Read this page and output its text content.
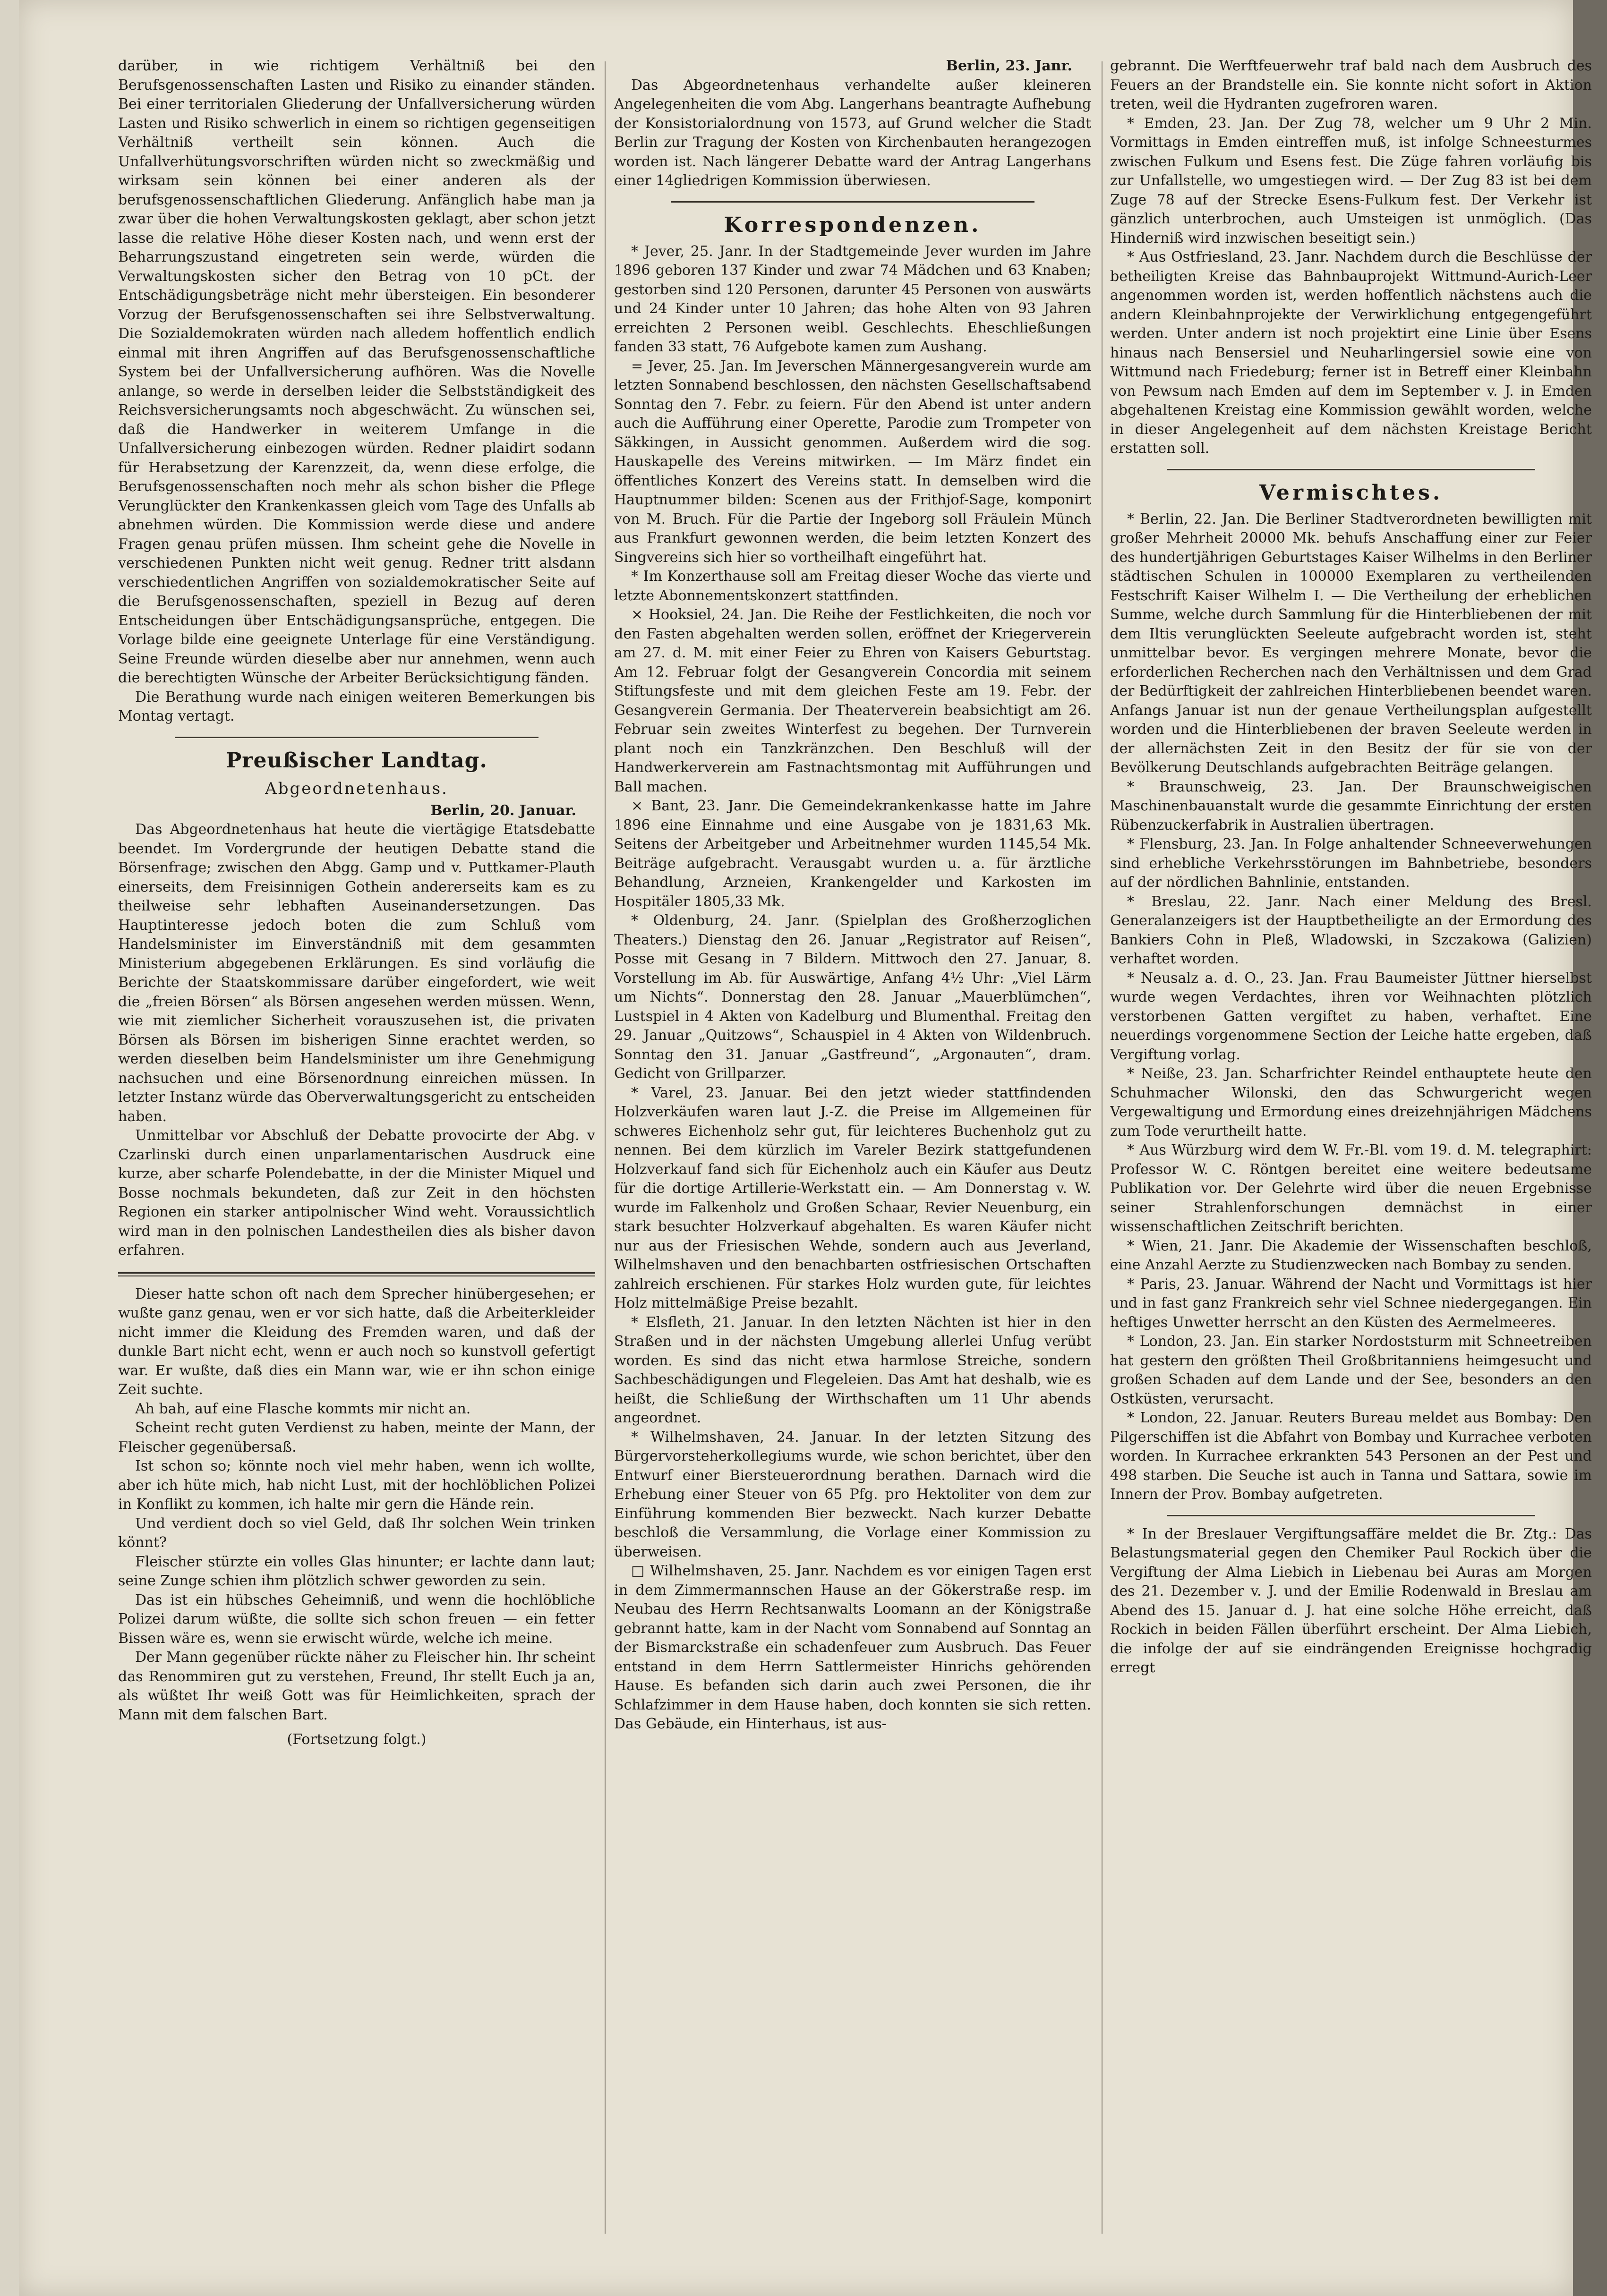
darüber, in wie richtigem Verhältniß bei den Berufsgenossenschaften Lasten und Risiko zu einander ständen. Bei einer territorialen Gliederung der Unfallversicherung würden Lasten und Risiko schwerlich in einem so richtigen gegenseitigen Verhältniß vertheilt sein können. Auch die Unfallverhütungsvorschriften würden nicht so zweckmäßig und wirksam sein können bei einer anderen als der berufsgenossenschaftlichen Gliederung. Anfänglich habe man ja zwar über die hohen Verwaltungskosten geklagt, aber schon jetzt lasse die relative Höhe dieser Kosten nach, und wenn erst der Beharrungszustand eingetreten sein werde, würden die Verwaltungskosten sicher den Betrag von 10 pCt. der Entschädigungsbeträge nicht mehr übersteigen. Ein besonderer Vorzug der Berufsgenossenschaften sei ihre Selbstverwaltung. Die Sozialdemokraten würden nach alledem hoffentlich endlich einmal mit ihren Angriffen auf das Berufsgenossenschaftliche System bei der Unfallversicherung aufhören. Was die Novelle anlange, so werde in derselben leider die Selbstständigkeit des Reichsversicherungsamts noch abgeschwächt. Zu wünschen sei, daß die Handwerker in weiterem Umfange in die Unfallversicherung einbezogen würden. Redner plaidirt sodann für Herabsetzung der Karenzzeit, da, wenn diese erfolge, die Berufsgenossenschaften noch mehr als schon bisher die Pflege Verunglückter den Krankenkassen gleich vom Tage des Unfalls ab abnehmen würden. Die Kommission werde diese und andere Fragen genau prüfen müssen. Ihm scheint gehe die Novelle in verschiedenen Punkten nicht weit genug. Redner tritt alsdann verschiedentlichen Angriffen von sozialdemokratischer Seite auf die Berufsgenossenschaften, speziell in Bezug auf deren Entscheidungen über Entschädigungsansprüche, entgegen. Die Vorlage bilde eine geeignete Unterlage für eine Verständigung. Seine Freunde würden dieselbe aber nur annehmen, wenn auch die berechtigten Wünsche der Arbeiter Berücksichtigung fänden.

Die Berathung wurde nach einigen weiteren Bemerkungen bis Montag vertagt.

Preußischer Landtag.
Abgeordnetenhaus.
Berlin, 20. Januar.

Das Abgeordnetenhaus hat heute die viertägige Etatsdebatte beendet. Im Vordergrunde der heutigen Debatte stand die Börsenfrage; zwischen den Abgg. Gamp und v. Puttkamer-Plauth einerseits, dem Freisinnigen Gothein andererseits kam es zu theilweise sehr lebhaften Auseinandersetzungen. Das Hauptinteresse jedoch boten die zum Schluß vom Handelsminister im Einverständniß mit dem gesammten Ministerium abgegebenen Erklärungen. Es sind vorläufig die Berichte der Staatskommissare darüber eingefordert, wie weit die „freien Börsen“ als Börsen angesehen werden müssen. Wenn, wie mit ziemlicher Sicherheit vorauszusehen ist, die privaten Börsen als Börsen im bisherigen Sinne erachtet werden, so werden dieselben beim Handelsminister um ihre Genehmigung nachsuchen und eine Börsenordnung einreichen müssen. In letzter Instanz würde das Oberverwaltungsgericht zu entscheiden haben.

Unmittelbar vor Abschluß der Debatte provocirte der Abg. v Czarlinski durch einen unparlamentarischen Ausdruck eine kurze, aber scharfe Polendebatte, in der die Minister Miquel und Bosse nochmals bekundeten, daß zur Zeit in den höchsten Regionen ein starker antipolnischer Wind weht. Voraussichtlich wird man in den polnischen Landestheilen dies als bisher davon erfahren.

Dieser hatte schon oft nach dem Sprecher hinübergesehen; er wußte ganz genau, wen er vor sich hatte, daß die Arbeiterkleider nicht immer die Kleidung des Fremden waren, und daß der dunkle Bart nicht echt, wenn er auch noch so kunstvoll gefertigt war. Er wußte, daß dies ein Mann war, wie er ihn schon einige Zeit suchte.

Ah bah, auf eine Flasche kommts mir nicht an.

Scheint recht guten Verdienst zu haben, meinte der Mann, der Fleischer gegenübersaß.

Ist schon so; könnte noch viel mehr haben, wenn ich wollte, aber ich hüte mich, hab nicht Lust, mit der hochlöblichen Polizei in Konflikt zu kommen, ich halte mir gern die Hände rein.

Und verdient doch so viel Geld, daß Ihr solchen Wein trinken könnt?

Fleischer stürzte ein volles Glas hinunter; er lachte dann laut; seine Zunge schien ihm plötzlich schwer geworden zu sein.

Das ist ein hübsches Geheimniß, und wenn die hochlöbliche Polizei darum wüßte, die sollte sich schon freuen — ein fetter Bissen wäre es, wenn sie erwischt würde, welche ich meine.

Der Mann gegenüber rückte näher zu Fleischer hin. Ihr scheint das Renommiren gut zu verstehen, Freund, Ihr stellt Euch ja an, als wüßtet Ihr weiß Gott was für Heimlichkeiten, sprach der Mann mit dem falschen Bart.

(Fortsetzung folgt.)
Berlin, 23. Janr.

Das Abgeordnetenhaus verhandelte außer kleineren Angelegenheiten die vom Abg. Langerhans beantragte Aufhebung der Konsistorialordnung von 1573, auf Grund welcher die Stadt Berlin zur Tragung der Kosten von Kirchenbauten herangezogen worden ist. Nach längerer Debatte ward der Antrag Langerhans einer 14gliedrigen Kommission überwiesen.

Korrespondenzen.

* Jever, 25. Janr. In der Stadtgemeinde Jever wurden im Jahre 1896 geboren 137 Kinder und zwar 74 Mädchen und 63 Knaben; gestorben sind 120 Personen, darunter 45 Personen von auswärts und 24 Kinder unter 10 Jahren; das hohe Alten von 93 Jahren erreichten 2 Personen weibl. Geschlechts. Eheschließungen fanden 33 statt, 76 Aufgebote kamen zum Aushang.

= Jever, 25. Jan. Im Jeverschen Männergesangverein wurde am letzten Sonnabend beschlossen, den nächsten Gesellschaftsabend Sonntag den 7. Febr. zu feiern. Für den Abend ist unter andern auch die Aufführung einer Operette, Parodie zum Trompeter von Säkkingen, in Aussicht genommen. Außerdem wird die sog. Hauskapelle des Vereins mitwirken. — Im März findet ein öffentliches Konzert des Vereins statt. In demselben wird die Hauptnummer bilden: Scenen aus der Frithjof-Sage, komponirt von M. Bruch. Für die Partie der Ingeborg soll Fräulein Münch aus Frankfurt gewonnen werden, die beim letzten Konzert des Singvereins sich hier so vortheilhaft eingeführt hat.

* Im Konzerthause soll am Freitag dieser Woche das vierte und letzte Abonnementskonzert stattfinden.

× Hooksiel, 24. Jan. Die Reihe der Festlichkeiten, die noch vor den Fasten abgehalten werden sollen, eröffnet der Kriegerverein am 27. d. M. mit einer Feier zu Ehren von Kaisers Geburtstag. Am 12. Februar folgt der Gesangverein Concordia mit seinem Stiftungsfeste und mit dem gleichen Feste am 19. Febr. der Gesangverein Germania. Der Theaterverein beabsichtigt am 26. Februar sein zweites Winterfest zu begehen. Der Turnverein plant noch ein Tanzkränzchen. Den Beschluß will der Handwerkerverein am Fastnachtsmontag mit Aufführungen und Ball machen.

× Bant, 23. Janr. Die Gemeindekrankenkasse hatte im Jahre 1896 eine Einnahme und eine Ausgabe von je 1831,63 Mk. Seitens der Arbeitgeber und Arbeitnehmer wurden 1145,54 Mk. Beiträge aufgebracht. Verausgabt wurden u. a. für ärztliche Behandlung, Arzneien, Krankengelder und Karkosten im Hospitäler 1805,33 Mk.

* Oldenburg, 24. Janr. (Spielplan des Großherzoglichen Theaters.) Dienstag den 26. Januar „Registrator auf Reisen“, Posse mit Gesang in 7 Bildern. Mittwoch den 27. Januar, 8. Vorstellung im Ab. für Auswärtige, Anfang 4½ Uhr: „Viel Lärm um Nichts“. Donnerstag den 28. Januar „Mauerblümchen“, Lustspiel in 4 Akten von Kadelburg und Blumenthal. Freitag den 29. Januar „Quitzows“, Schauspiel in 4 Akten von Wildenbruch. Sonntag den 31. Januar „Gastfreund“, „Argonauten“, dram. Gedicht von Grillparzer.

* Varel, 23. Januar. Bei den jetzt wieder stattfindenden Holzverkäufen waren laut J.-Z. die Preise im Allgemeinen für schweres Eichenholz sehr gut, für leichteres Buchenholz gut zu nennen. Bei dem kürzlich im Vareler Bezirk stattgefundenen Holzverkauf fand sich für Eichenholz auch ein Käufer aus Deutz für die dortige Artillerie-Werkstatt ein. — Am Donnerstag v. W. wurde im Falkenholz und Großen Schaar, Revier Neuenburg, ein stark besuchter Holzverkauf abgehalten. Es waren Käufer nicht nur aus der Friesischen Wehde, sondern auch aus Jeverland, Wilhelmshaven und den benachbarten ostfriesischen Ortschaften zahlreich erschienen. Für starkes Holz wurden gute, für leichtes Holz mittelmäßige Preise bezahlt.

* Elsfleth, 21. Januar. In den letzten Nächten ist hier in den Straßen und in der nächsten Umgebung allerlei Unfug verübt worden. Es sind das nicht etwa harmlose Streiche, sondern Sachbeschädigungen und Flegeleien. Das Amt hat deshalb, wie es heißt, die Schließung der Wirthschaften um 11 Uhr abends angeordnet.

* Wilhelmshaven, 24. Januar. In der letzten Sitzung des Bürgervorsteherkollegiums wurde, wie schon berichtet, über den Entwurf einer Biersteuerordnung berathen. Darnach wird die Erhebung einer Steuer von 65 Pfg. pro Hektoliter von dem zur Einführung kommenden Bier bezweckt. Nach kurzer Debatte beschloß die Versammlung, die Vorlage einer Kommission zu überweisen.

□ Wilhelmshaven, 25. Janr. Nachdem es vor einigen Tagen erst in dem Zimmermannschen Hause an der Gökerstraße resp. im Neubau des Herrn Rechtsanwalts Loomann an der Königstraße gebrannt hatte, kam in der Nacht vom Sonnabend auf Sonntag an der Bismarckstraße ein schadenfeuer zum Ausbruch. Das Feuer entstand in dem Herrn Sattlermeister Hinrichs gehörenden Hause. Es befanden sich darin auch zwei Personen, die ihr Schlafzimmer in dem Hause haben, doch konnten sie sich retten. Das Gebäude, ein Hinterhaus, ist aus-

gebrannt. Die Werftfeuerwehr traf bald nach dem Ausbruch des Feuers an der Brandstelle ein. Sie konnte nicht sofort in Aktion treten, weil die Hydranten zugefroren waren.

* Emden, 23. Jan. Der Zug 78, welcher um 9 Uhr 2 Min. Vormittags in Emden eintreffen muß, ist infolge Schneesturmes zwischen Fulkum und Esens fest. Die Züge fahren vorläufig bis zur Unfallstelle, wo umgestiegen wird. — Der Zug 83 ist bei dem Zuge 78 auf der Strecke Esens-Fulkum fest. Der Verkehr ist gänzlich unterbrochen, auch Umsteigen ist unmöglich. (Das Hinderniß wird inzwischen beseitigt sein.)

* Aus Ostfriesland, 23. Janr. Nachdem durch die Beschlüsse der betheiligten Kreise das Bahnbauprojekt Wittmund-Aurich-Leer angenommen worden ist, werden hoffentlich nächstens auch die andern Kleinbahnprojekte der Verwirklichung entgegengeführt werden. Unter andern ist noch projektirt eine Linie über Esens hinaus nach Bensersiel und Neuharlingersiel sowie eine von Wittmund nach Friedeburg; ferner ist in Betreff einer Kleinbahn von Pewsum nach Emden auf dem im September v. J. in Emden abgehaltenen Kreistag eine Kommission gewählt worden, welche in dieser Angelegenheit auf dem nächsten Kreistage Bericht erstatten soll.

Vermischtes.

* Berlin, 22. Jan. Die Berliner Stadtverordneten bewilligten mit großer Mehrheit 20000 Mk. behufs Anschaffung einer zur Feier des hundertjährigen Geburtstages Kaiser Wilhelms in den Berliner städtischen Schulen in 100000 Exemplaren zu vertheilenden Festschrift Kaiser Wilhelm I. — Die Vertheilung der erheblichen Summe, welche durch Sammlung für die Hinterbliebenen der mit dem Iltis verunglückten Seeleute aufgebracht worden ist, steht unmittelbar bevor. Es vergingen mehrere Monate, bevor die erforderlichen Recherchen nach den Verhältnissen und dem Grad der Bedürftigkeit der zahlreichen Hinterbliebenen beendet waren. Anfangs Januar ist nun der genaue Vertheilungsplan aufgestellt worden und die Hinterbliebenen der braven Seeleute werden in der allernächsten Zeit in den Besitz der für sie von der Bevölkerung Deutschlands aufgebrachten Beiträge gelangen.

* Braunschweig, 23. Jan. Der Braunschweigischen Maschinenbauanstalt wurde die gesammte Einrichtung der ersten Rübenzuckerfabrik in Australien übertragen.

* Flensburg, 23. Jan. In Folge anhaltender Schneeverwehungen sind erhebliche Verkehrsstörungen im Bahnbetriebe, besonders auf der nördlichen Bahnlinie, entstanden.

* Breslau, 22. Janr. Nach einer Meldung des Bresl. Generalanzeigers ist der Hauptbetheiligte an der Ermordung des Bankiers Cohn in Pleß, Wladowski, in Szczakowa (Galizien) verhaftet worden.

* Neusalz a. d. O., 23. Jan. Frau Baumeister Jüttner hierselbst wurde wegen Verdachtes, ihren vor Weihnachten plötzlich verstorbenen Gatten vergiftet zu haben, verhaftet. Eine neuerdings vorgenommene Section der Leiche hatte ergeben, daß Vergiftung vorlag.

* Neiße, 23. Jan. Scharfrichter Reindel enthauptete heute den Schuhmacher Wilonski, den das Schwurgericht wegen Vergewaltigung und Ermordung eines dreizehnjährigen Mädchens zum Tode verurtheilt hatte.

* Aus Würzburg wird dem W. Fr.-Bl. vom 19. d. M. telegraphirt: Professor W. C. Röntgen bereitet eine weitere bedeutsame Publikation vor. Der Gelehrte wird über die neuen Ergebnisse seiner Strahlenforschungen demnächst in einer wissenschaftlichen Zeitschrift berichten.

* Wien, 21. Janr. Die Akademie der Wissenschaften beschloß, eine Anzahl Aerzte zu Studienzwecken nach Bombay zu senden.

* Paris, 23. Januar. Während der Nacht und Vormittags ist hier und in fast ganz Frankreich sehr viel Schnee niedergegangen. Ein heftiges Unwetter herrscht an den Küsten des Aermelmeeres.

* London, 23. Jan. Ein starker Nordoststurm mit Schneetreiben hat gestern den größten Theil Großbritanniens heimgesucht und großen Schaden auf dem Lande und der See, besonders an den Ostküsten, verursacht.

* London, 22. Januar. Reuters Bureau meldet aus Bombay: Den Pilgerschiffen ist die Abfahrt von Bombay und Kurrachee verboten worden. In Kurrachee erkrankten 543 Personen an der Pest und 498 starben. Die Seuche ist auch in Tanna und Sattara, sowie im Innern der Prov. Bombay aufgetreten.

* In der Breslauer Vergiftungsaffäre meldet die Br. Ztg.: Das Belastungsmaterial gegen den Chemiker Paul Rockich über die Vergiftung der Alma Liebich in Liebenau bei Auras am Morgen des 21. Dezember v. J. und der Emilie Rodenwald in Breslau am Abend des 15. Januar d. J. hat eine solche Höhe erreicht, daß Rockich in beiden Fällen überführt erscheint. Der Alma Liebich, die infolge der auf sie eindrängenden Ereignisse hochgradig erregt
